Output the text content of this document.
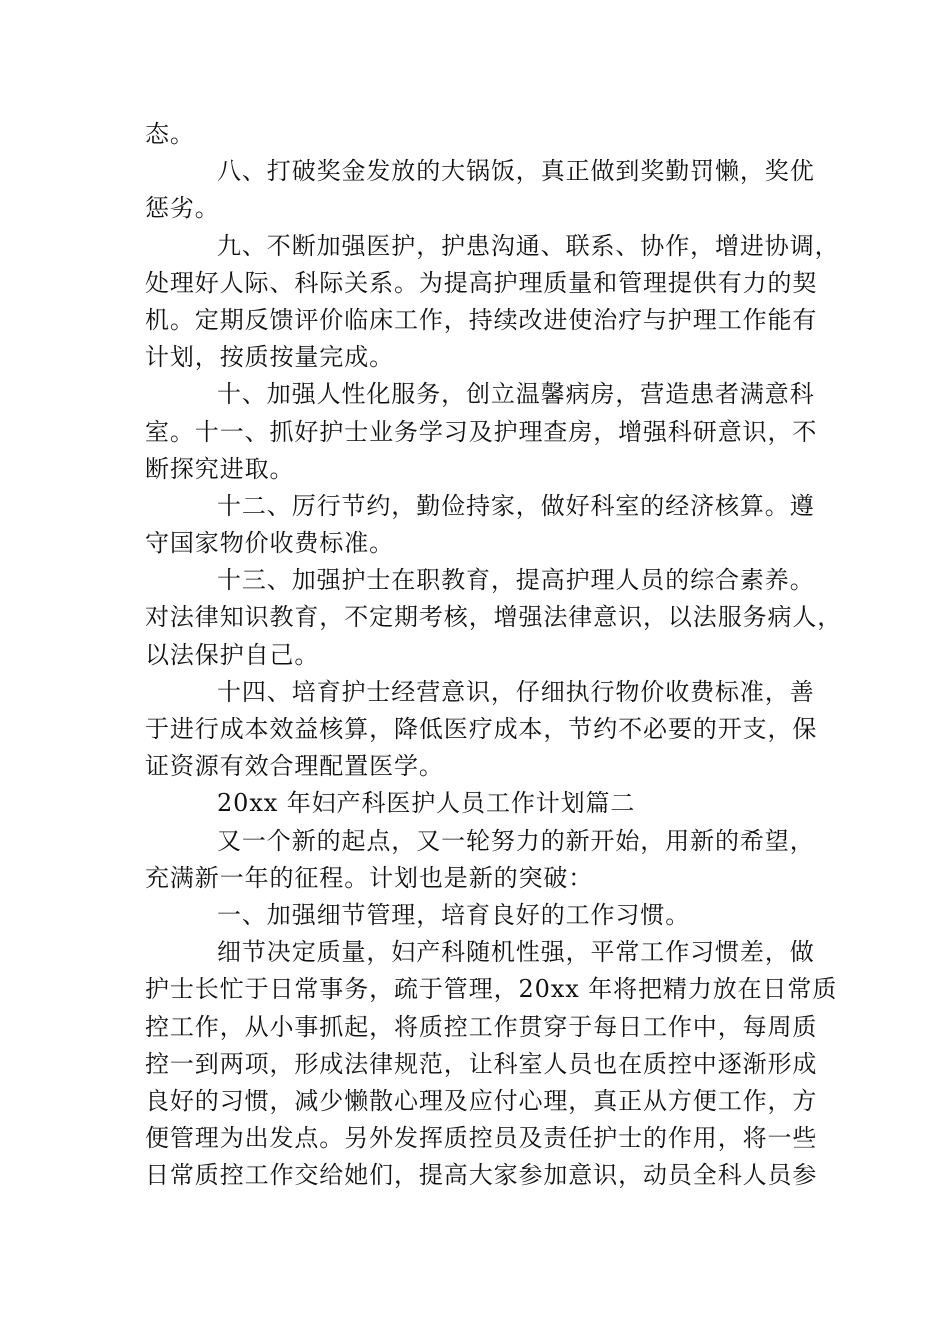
态。
八、打破奖金发放的大锅饭，真正做到奖勤罚懒，奖优
惩劣。
九、不断加强医护，护患沟通、联系、协作，增进协调，
处理好人际、科际关系。为提高护理质量和管理提供有力的契
机。定期反馈评价临床工作，持续改进使治疗与护理工作能有
计划，按质按量完成。
十、加强人性化服务，创立温馨病房，营造患者满意科
室。十一、抓好护士业务学习及护理查房，增强科研意识，不
断探究进取。
十二、厉行节约，勤俭持家，做好科室的经济核算。遵
守国家物价收费标准。
十三、加强护士在职教育，提高护理人员的综合素养。
对法律知识教育，不定期考核，增强法律意识，以法服务病人，
以法保护自己。
十四、培育护士经营意识，仔细执行物价收费标准，善
于进行成本效益核算，降低医疗成本，节约不必要的开支，保
证资源有效合理配置医学。
20xx 年妇产科医护人员工作计划篇二
又一个新的起点，又一轮努力的新开始，用新的希望，
充满新一年的征程。计划也是新的突破：
一、加强细节管理，培育良好的工作习惯。
细节决定质量，妇产科随机性强，平常工作习惯差，做
护士长忙于日常事务，疏于管理，20xx 年将把精力放在日常质
控工作，从小事抓起，将质控工作贯穿于每日工作中，每周质
控一到两项，形成法律规范，让科室人员也在质控中逐渐形成
良好的习惯，减少懒散心理及应付心理，真正从方便工作，方
便管理为出发点。另外发挥质控员及责任护士的作用，将一些
日常质控工作交给她们，提高大家参加意识，动员全科人员参
